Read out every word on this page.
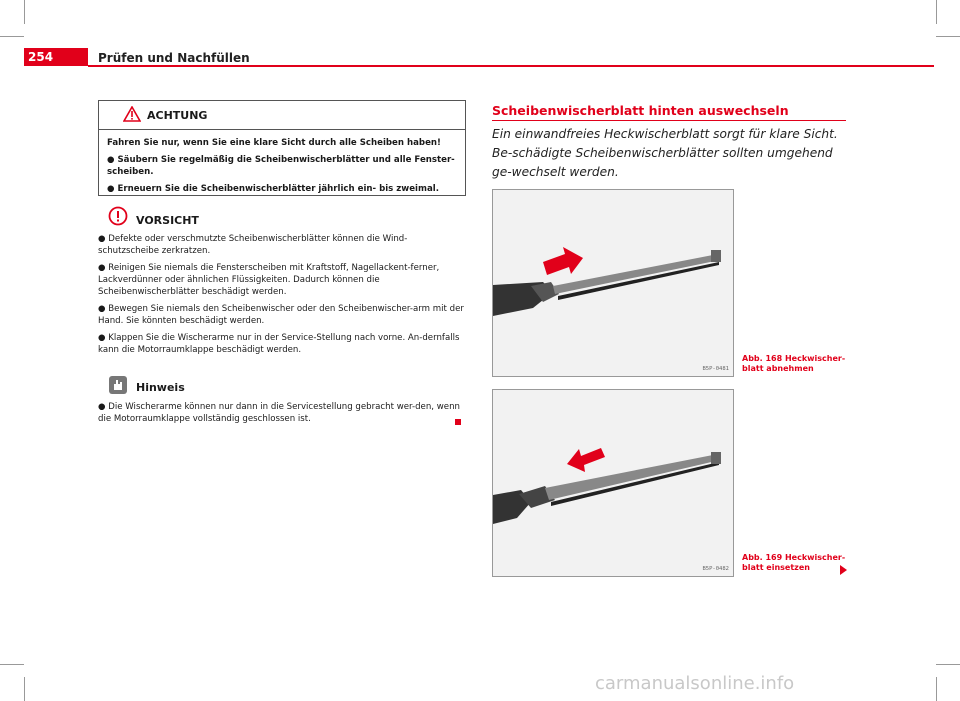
254	Prüfen und Nachfüllen
ACHTUNG

Fahren Sie nur, wenn Sie eine klare Sicht durch alle Scheiben haben!

● Säubern Sie regelmäßig die Scheibenwischerblätter und alle Fenster-scheiben.

● Erneuern Sie die Scheibenwischerblätter jährlich ein- bis zweimal.

VORSICHT

● Defekte oder verschmutzte Scheibenwischerblätter können die Wind-schutzscheibe zerkratzen.

● Reinigen Sie niemals die Fensterscheiben mit Kraftstoff, Nagellackent-ferner, Lackverdünner oder ähnlichen Flüssigkeiten. Dadurch können die Scheibenwischerblätter beschädigt werden.

● Bewegen Sie niemals den Scheibenwischer oder den Scheibenwischer-arm mit der Hand. Sie könnten beschädigt werden.

● Klappen Sie die Wischerarme nur in der Service-Stellung nach vorne. An-dernfalls kann die Motorraumklappe beschädigt werden.

Hinweis

● Die Wischerarme können nur dann in die Servicestellung gebracht wer-den, wenn die Motorraumklappe vollständig geschlossen ist.

Scheibenwischerblatt hinten auswechseln
Ein einwandfreies Heckwischerblatt sorgt für klare Sicht. Be-schädigte Scheibenwischerblätter sollten umgehend ge-wechselt werden.
B5P-0481
Abb. 168 Heckwischer-blatt abnehmen
B5P-0482
Abb. 169 Heckwischer-blatt einsetzen
carmanualsonline.info
